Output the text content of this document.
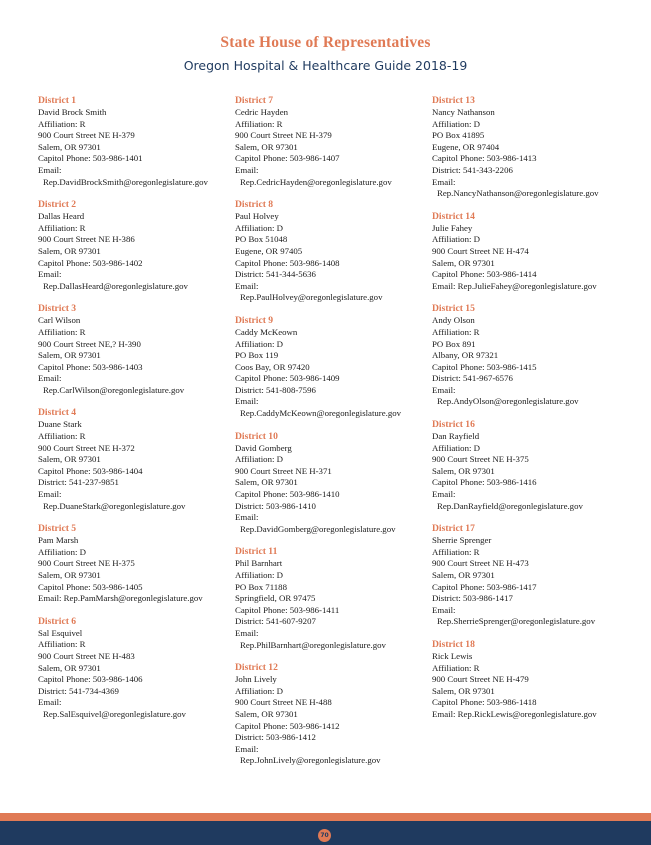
State House of Representatives
Oregon Hospital & Healthcare Guide 2018-19
District 1
David Brock Smith
Affiliation: R
900 Court Street NE H-379
Salem, OR 97301
Capitol Phone: 503-986-1401
Email:
Rep.DavidBrockSmith@oregonlegislature.gov
District 2
Dallas Heard
Affiliation: R
900 Court Street NE H-386
Salem, OR 97301
Capitol Phone: 503-986-1402
Email:
Rep.DallasHeard@oregonlegislature.gov
District 3
Carl Wilson
Affiliation: R
900 Court Street NE,? H-390
Salem, OR 97301
Capitol Phone: 503-986-1403
Email:
Rep.CarlWilson@oregonlegislature.gov
District 4
Duane Stark
Affiliation: R
900 Court Street NE H-372
Salem, OR 97301
Capitol Phone: 503-986-1404
District: 541-237-9851
Email:
Rep.DuaneStark@oregonlegislature.gov
District 5
Pam Marsh
Affiliation: D
900 Court Street NE H-375
Salem, OR 97301
Capitol Phone: 503-986-1405
Email: Rep.PamMarsh@oregonlegislature.gov
District 6
Sal Esquivel
Affiliation: R
900 Court Street NE H-483
Salem, OR 97301
Capitol Phone: 503-986-1406
District: 541-734-4369
Email:
Rep.SalEsquivel@oregonlegislature.gov
District 7
Cedric Hayden
Affiliation: R
900 Court Street NE H-379
Salem, OR 97301
Capitol Phone: 503-986-1407
Email:
Rep.CedricHayden@oregonlegislature.gov
District 8
Paul Holvey
Affiliation: D
PO Box 51048
Eugene, OR 97405
Capitol Phone: 503-986-1408
District: 541-344-5636
Email:
Rep.PaulHolvey@oregonlegislature.gov
District 9
Caddy McKeown
Affiliation: D
PO Box 119
Coos Bay, OR 97420
Capitol Phone: 503-986-1409
District: 541-808-7596
Email:
Rep.CaddyMcKeown@oregonlegislature.gov
District 10
David Gomberg
Affiliation: D
900 Court Street NE H-371
Salem, OR 97301
Capitol Phone: 503-986-1410
District: 503-986-1410
Email:
Rep.DavidGomberg@oregonlegislature.gov
District 11
Phil Barnhart
Affiliation: D
PO Box 71188
Springfield, OR 97475
Capitol Phone: 503-986-1411
District: 541-607-9207
Email:
Rep.PhilBarnhart@oregonlegislature.gov
District 12
John Lively
Affiliation: D
900 Court Street NE H-488
Salem, OR 97301
Capitol Phone: 503-986-1412
District: 503-986-1412
Email:
Rep.JohnLively@oregonlegislature.gov
District 13
Nancy Nathanson
Affiliation: D
PO Box 41895
Eugene, OR 97404
Capitol Phone: 503-986-1413
District: 541-343-2206
Email:
Rep.NancyNathanson@oregonlegislature.gov
District 14
Julie Fahey
Affiliation: D
900 Court Street NE H-474
Salem, OR 97301
Capitol Phone: 503-986-1414
Email: Rep.JulieFahey@oregonlegislature.gov
District 15
Andy Olson
Affiliation: R
PO Box 891
Albany, OR 97321
Capitol Phone: 503-986-1415
District: 541-967-6576
Email:
Rep.AndyOlson@oregonlegislature.gov
District 16
Dan Rayfield
Affiliation: D
900 Court Street NE H-375
Salem, OR 97301
Capitol Phone: 503-986-1416
Email:
Rep.DanRayfield@oregonlegislature.gov
District 17
Sherrie Sprenger
Affiliation: R
900 Court Street NE H-473
Salem, OR 97301
Capitol Phone: 503-986-1417
District: 503-986-1417
Email:
Rep.SherrieSprenger@oregonlegislature.gov
District 18
Rick Lewis
Affiliation: R
900 Court Street NE H-479
Salem, OR 97301
Capitol Phone: 503-986-1418
Email: Rep.RickLewis@oregonlegislature.gov
70
